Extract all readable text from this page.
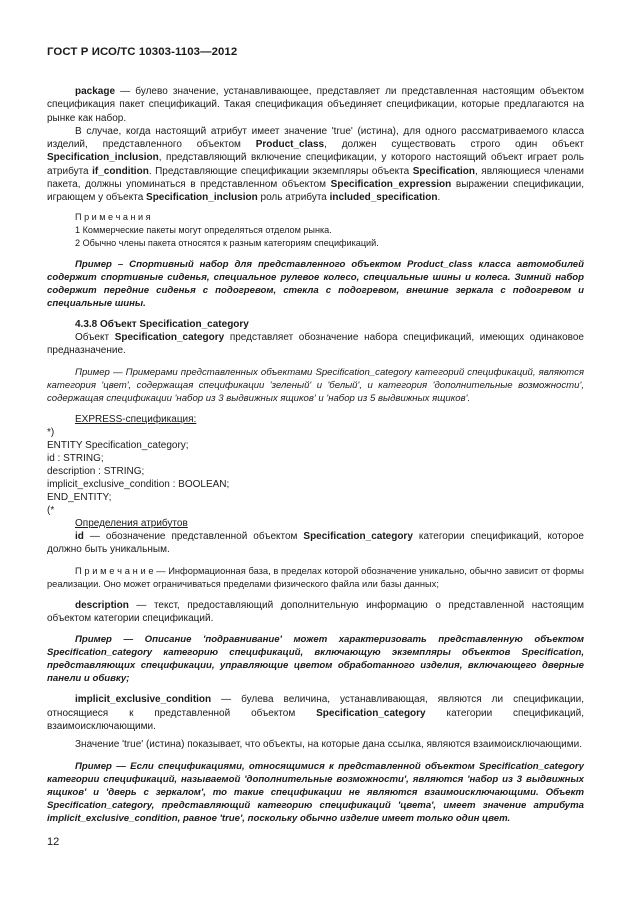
ГОСТ Р ИСО/ТС 10303-1103—2012

package — булево значение, устанавливающее, представляет ли представленная настоящим объектом спецификация пакет спецификаций. Такая спецификация объединяет спецификации, которые предлагаются на рынке как набор.

В случае, когда настоящий атрибут имеет значение 'true' (истина), для одного рассматриваемого класса изделий, представленного объектом Product_class, должен существовать строго один объект Specification_inclusion, представляющий включение спецификации, у которого настоящий объект играет роль атрибута if_condition. Представляющие спецификации экземпляры объекта Specification, являющиеся членами пакета, должны упоминаться в представленном объектом Specification_expression выражении спецификации, играющем у объекта Specification_inclusion роль атрибута included_specification.

П р и м е ч а н и я

1 Коммерческие пакеты могут определяться отделом рынка.

2 Обычно члены пакета относятся к разным категориям спецификаций.

Пример – Спортивный набор для представленного объектом Product_class класса автомобилей содержит спортивные сиденья, специальное рулевое колесо, специальные шины и колеса. Зимний набор содержит передние сиденья с подогревом, стекла с подогревом, внешние зеркала с подогревом и специальные шины.

4.3.8 Объект Specification_category

Объект Specification_category представляет обозначение набора спецификаций, имеющих одинаковое предназначение.

Пример — Примерами представленных объектами Specification_category категорий спецификаций, являются категория 'цвет', содержащая спецификации 'зеленый' и 'белый', и категория 'дополнительные возможности', содержащая спецификации 'набор из 3 выдвижных ящиков' и 'набор из 5 выдвижных ящиков'.

EXPRESS-спецификация:

*)

ENTITY Specification_category;

id : STRING;

description : STRING;

implicit_exclusive_condition : BOOLEAN;

END_ENTITY;

(*

Определения атрибутов

id — обозначение представленной объектом Specification_category категории спецификаций, которое должно быть уникальным.

П р и м е ч а н и е — Информационная база, в пределах которой обозначение уникально, обычно зависит от формы реализации. Оно может ограничиваться пределами физического файла или базы данных;

description — текст, предоставляющий дополнительную информацию о представленной настоящим объектом категории спецификаций.

Пример — Описание 'подравнивание' может характеризовать представленную объектом Specification_category категорию спецификаций, включающую экземпляры объектов Specification, представляющих спецификации, управляющие цветом обработанного изделия, включающего дверные панели и обивку;

implicit_exclusive_condition — булева величина, устанавливающая, являются ли спецификации, относящиеся к представленной объектом Specification_category категории спецификаций, взаимоисключающими.

Значение 'true' (истина) показывает, что объекты, на которые дана ссылка, являются взаимоисключающими.

Пример — Если спецификациями, относящимися к представленной объектом Specification_category категории спецификаций, называемой 'дополнительные возможности', являются 'набор из 3 выдвижных ящиков' и 'дверь с зеркалом', то такие спецификации не являются взаимоисключающими. Объект Specification_category, представляющий категорию спецификаций 'цвета', имеет значение атрибута implicit_exclusive_condition, равное 'true', поскольку обычно изделие имеет только один цвет.

12
